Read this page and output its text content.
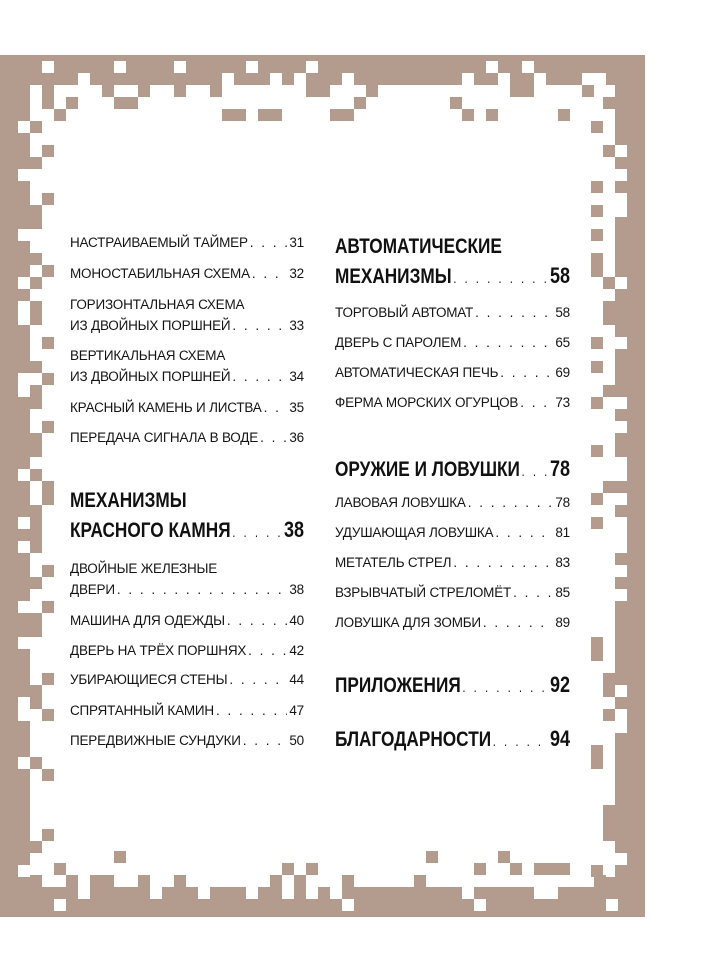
НАСТРАИВАЕМЫЙ ТАЙМЕР . . .	31
МОНОСТАБИЛЬНАЯ СХЕМА . . .	32
ГОРИЗОНТАЛЬНАЯ СХЕМА
ИЗ ДВОЙНЫХ ПОРШНЕЙ . . .	33
ВЕРТИКАЛЬНАЯ СХЕМА
ИЗ ДВОЙНЫХ ПОРШНЕЙ . . .	34
КРАСНЫЙ КАМЕНЬ И ЛИСТВА . . . 35
ПЕРЕДАЧА СИГНАЛА В ВОДЕ . . . 36
МЕХАНИЗМЫ
КРАСНОГО КАМНЯ . . . 38
ДВОЙНЫЕ ЖЕЛЕЗНЫЕ
ДВЕРИ . . .	38
МАШИНА ДЛЯ ОДЕЖДЫ . . .	40
ДВЕРЬ НА ТРЁХ ПОРШНЯХ . . .	42
УБИРАЮЩИЕСЯ СТЕНЫ . . .	44
СПРЯТАННЫЙ КАМИН . . .	47
ПЕРЕДВИЖНЫЕ СУНДУКИ . . .	50
АВТОМАТИЧЕСКИЕ
МЕХАНИЗМЫ . . .	58
ТОРГОВЫЙ АВТОМАТ . . .	58
ДВЕРЬ С ПАРОЛЕМ . . .	65
АВТОМАТИЧЕСКАЯ ПЕЧЬ . . .	69
ФЕРМА МОРСКИХ ОГУРЦОВ . . .	73
ОРУЖИЕ И ЛОВУШКИ . . . 78
ЛАВОВАЯ ЛОВУШКА . . .	78
УДУШАЮЩАЯ ЛОВУШКА . . .	81
МЕТАТЕЛЬ СТРЕЛ . . .	83
ВЗРЫВЧАТЫЙ СТРЕЛОМЁТ . . .	85
ЛОВУШКА ДЛЯ ЗОМБИ . . .	89
ПРИЛОЖЕНИЯ . . .	92
БЛАГОДАРНОСТИ . . .	94
